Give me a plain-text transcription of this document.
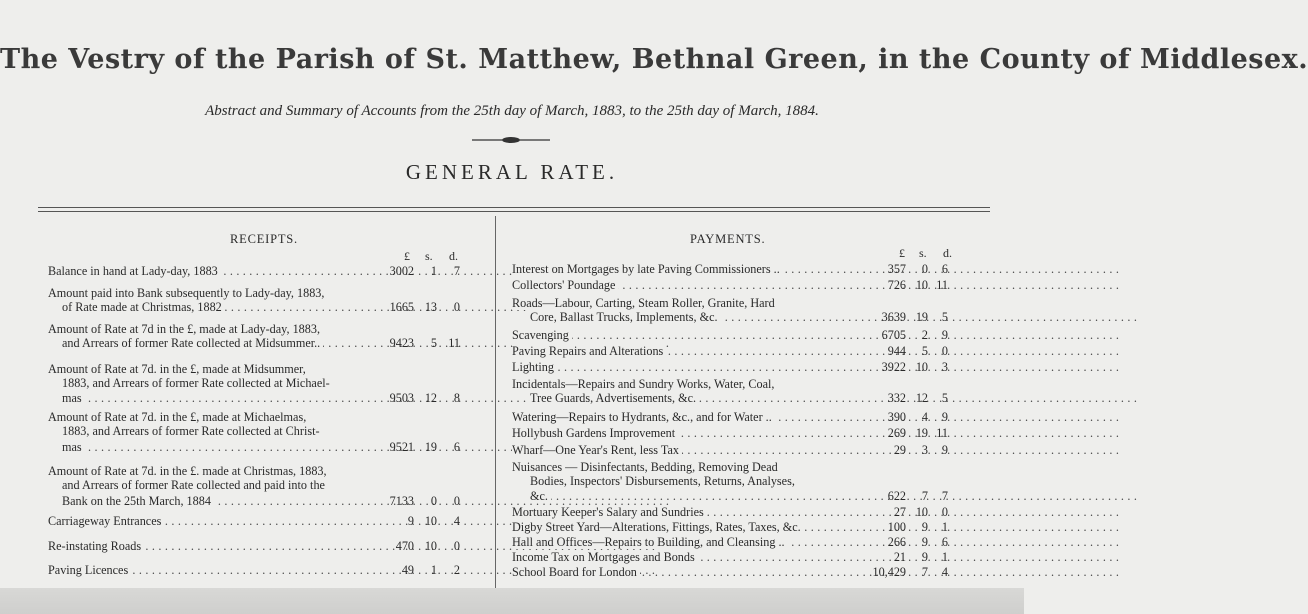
The Vestry of the Parish of St. Matthew, Bethnal Green, in the County of Middlesex.
Abstract and Summary of Accounts from the 25th day of March, 1883, to the 25th day of March, 1884.
GENERAL RATE.
RECEIPTS.	PAYMENTS.
£ s. d.	£ s. d.
Balance in hand at Lady-day, 1883 . . .	3002 1 7
Amount paid into Bank subsequently to Lady-day, 1883,
of Rate made at Christmas, 1882 . . .	1665 13 0
Amount of Rate at 7d in the £, made at Lady-day, 1883,
and Arrears of former Rate collected at Midsummer.. . . .	9423 5 11
Amount of Rate at 7d. in the £, made at Midsummer,
1883, and Arrears of former Rate collected at Michael-
mas . . .	9503 12 8
Amount of Rate at 7d. in the £, made at Michaelmas,
1883, and Arrears of former Rate collected at Christ-
mas . . .	9521 19 6
Amount of Rate at 7d. in the £. made at Christmas, 1883,
and Arrears of former Rate collected and paid into the
Bank on the 25th March, 1884 . . .	7133 0 0
Carriageway Entrances . . .	9 10 4
Re-instating Roads . . .	470 10 0
Paving Licences . . .	49 1 2
Interest on Mortgages by late Paving Commissioners .. . . .	357 0 6
Collectors' Poundage . . .	726 10 11
Roads—Labour, Carting, Steam Roller, Granite, Hard
Core, Ballast Trucks, Implements, &c. . . .	3639 19 5
Scavenging . . .	6705 2 9
Paving Repairs and Alterations . . .	944 5 0
Lighting . . .	3922 10 3
Incidentals—Repairs and Sundry Works, Water, Coal,
Tree Guards, Advertisements, &c. . . .	332 12 5
Watering—Repairs to Hydrants, &c., and for Water .. . . .	390 4 9
Hollybush Gardens Improvement . . .	269 19 11
Wharf—One Year's Rent, less Tax . . .	29 3 9
Nuisances — Disinfectants, Bedding, Removing Dead
Bodies, Inspectors' Disbursements, Returns, Analyses,
&c. . . .	622 7 7
Mortuary Keeper's Salary and Sundries . . .	27 10 0
Digby Street Yard—Alterations, Fittings, Rates, Taxes, &c. . . .	100 9 1
Hall and Offices—Repairs to Building, and Cleansing .. . . .	266 9 6
Income Tax on Mortgages and Bonds . . .	21 9 1
School Board for London . . .	10,429 7 4
